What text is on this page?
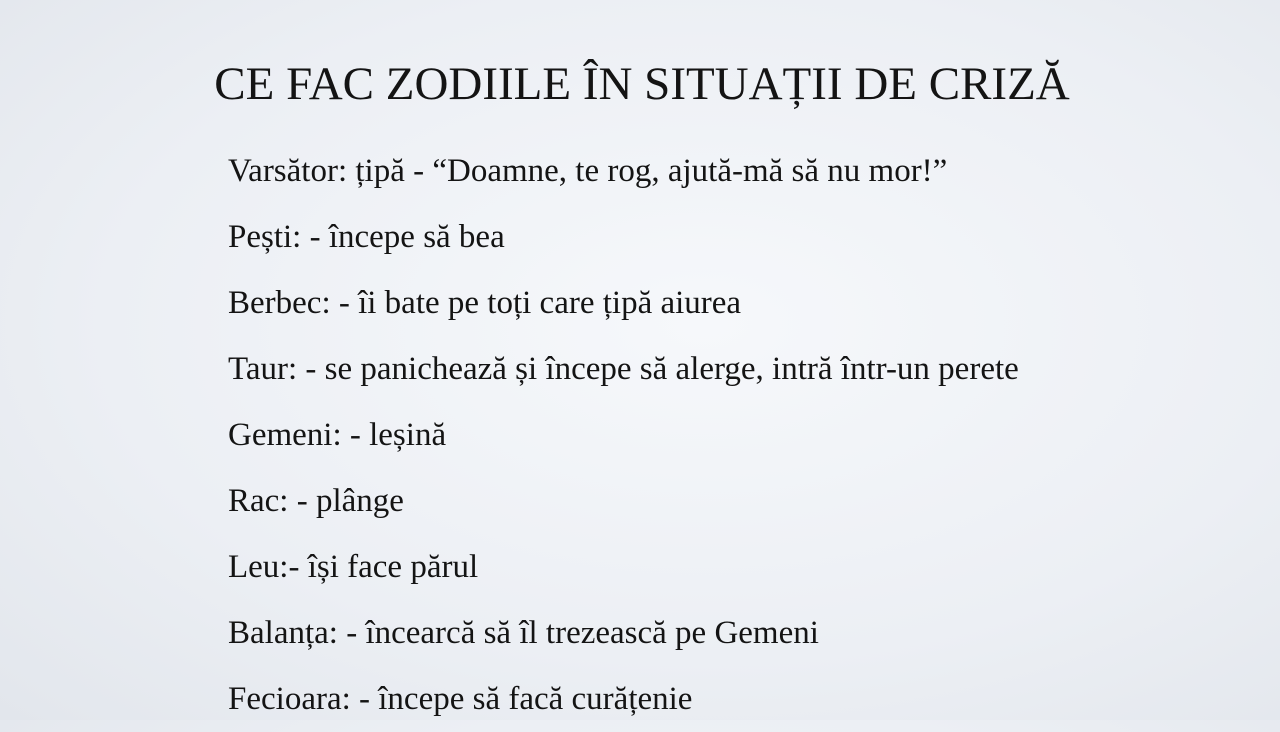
CE FAC ZODIILE ÎN SITUAȚII DE CRIZĂ
Varsător: țipă - “Doamne, te rog, ajută-mă să nu mor!”
Pești: - începe să bea
Berbec: - îi bate pe toți care țipă aiurea
Taur: - se panichează și începe să alerge, intră într-un perete
Gemeni: - leșină
Rac: - plânge
Leu:- își face părul
Balanța: - încearcă să îl trezească pe Gemeni
Fecioara: - începe să facă curățenie
